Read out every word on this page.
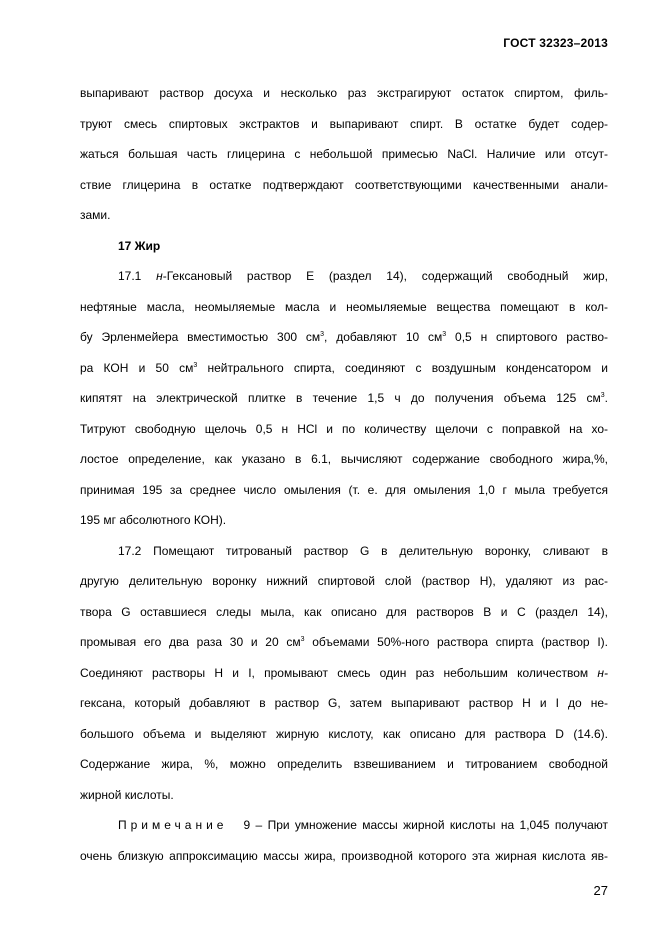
ГОСТ 32323–2013
выпаривают раствор досуха и несколько раз экстрагируют остаток спиртом, филь-
труют смесь спиртовых экстрактов и выпаривают спирт. В остатке будет содер-
жаться большая часть глицерина с небольшой примесью NaCl. Наличие или отсут-
ствие глицерина в остатке подтверждают соответствующими качественными анали-
зами.
17 Жир
17.1 н-Гексановый раствор Е (раздел 14), содержащий свободный жир,
нефтяные масла, неомыляемые масла и неомыляемые вещества помещают в кол-
бу Эрленмейера вместимостью 300 $см^3$, добавляют 10 $см^3$ 0,5 н спиртового раство-
ра КОН и 50 $см^3$ нейтрального спирта, соединяют с воздушным конденсатором и
кипятят на электрической плитке в течение 1,5 ч до получения объема 125 $см^3$.
Титруют свободную щелочь 0,5 н HCl и по количеству щелочи с поправкой на хо-
лостое определение, как указано в 6.1, вычисляют содержание свободного жира,%,
принимая 195 за среднее число омыления (т. е. для омыления 1,0 г мыла требуется
195 мг абсолютного КОН).
17.2 Помещают титрованый раствор G в делительную воронку, сливают в
другую делительную воронку нижний спиртовой слой (раствор H), удаляют из рас-
твора G оставшиеся следы мыла, как описано для растворов В и С (раздел 14),
промывая его два раза 30 и 20 $см^3$ объемами 50%-ного раствора спирта (раствор I).
Соединяют растворы Н и I, промывают смесь один раз небольшим количеством н-
гексана, который добавляют в раствор G, затем выпаривают раствор Н и I до не-
большого объема и выделяют жирную кислоту, как описано для раствора D (14.6).
Содержание жира, %, можно определить взвешиванием и титрованием свободной
жирной кислоты.
Примечание 9 – При умножение массы жирной кислоты на 1,045 получают
очень близкую аппроксимацию массы жира, производной которого эта жирная кислота яв-
27
